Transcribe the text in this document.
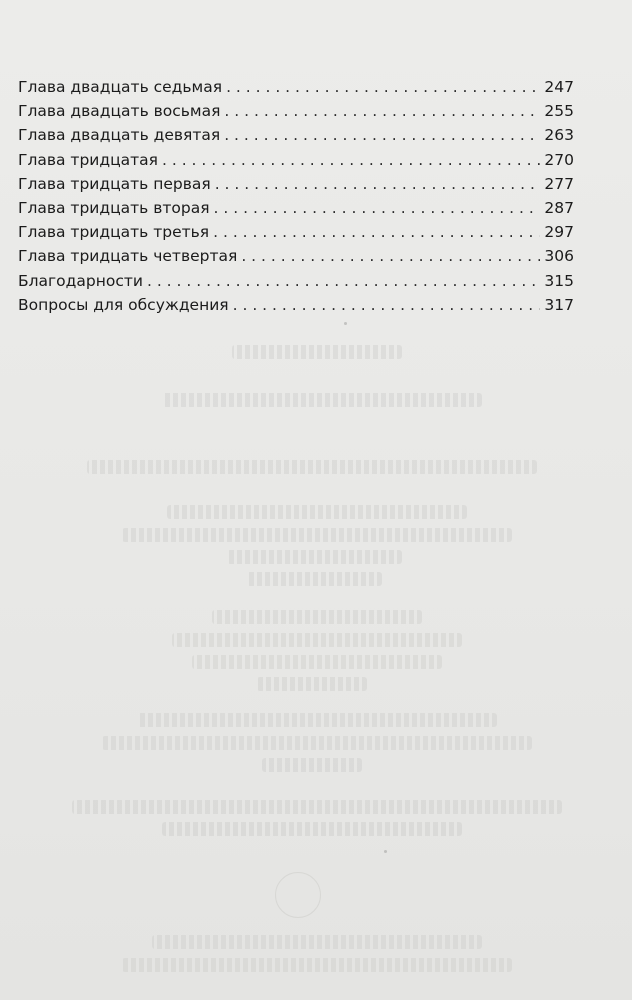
Глава двадцать седьмая . . .	247
Глава двадцать восьмая . . .	255
Глава двадцать девятая . . .	263
Глава тридцатая . . .	270
Глава тридцать первая . . .	277
Глава тридцать вторая . . .	287
Глава тридцать третья . . .	297
Глава тридцать четвертая . . .	306
Благодарности . . .	315
Вопросы для обсуждения . . .	317
